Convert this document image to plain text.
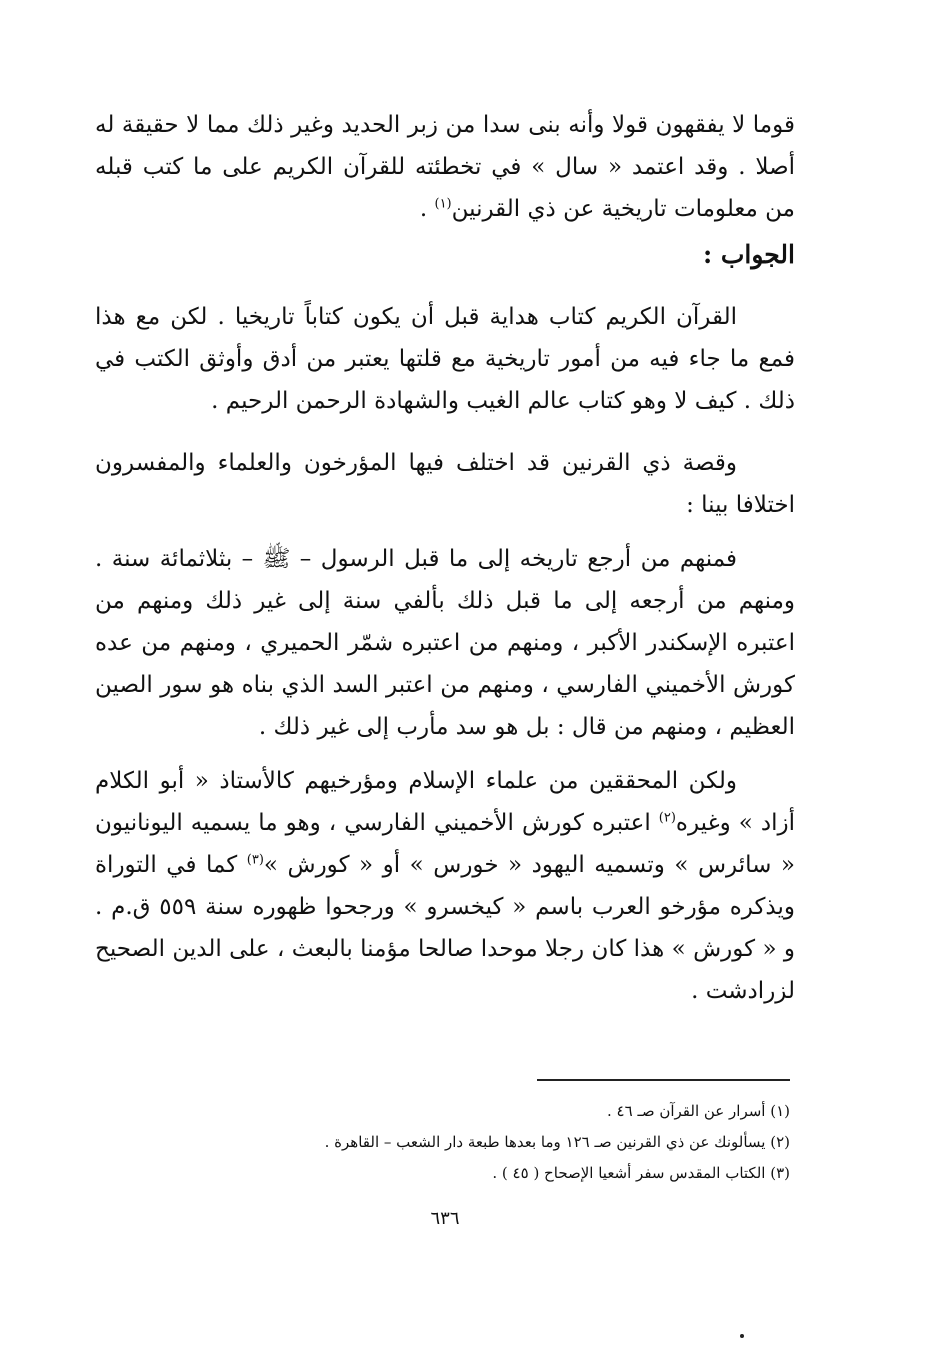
قوما لا يفقهون قولا وأنه بنى سدا من زبر الحديد وغير ذلك مما لا حقيقة له أصلا . وقد اعتمد « سال » في تخطئته للقرآن الكريم على ما كتب قبله من معلومات تاريخية عن ذي القرنين$^{(١)}$ .

الجواب :

القرآن الكريم كتاب هداية قبل أن يكون كتاباً تاريخيا . لكن مع هذا فمع ما جاء فيه من أمور تاريخية مع قلتها يعتبر من أدق وأوثق الكتب في ذلك . كيف لا وهو كتاب عالم الغيب والشهادة الرحمن الرحيم .

وقصة ذي القرنين قد اختلف فيها المؤرخون والعلماء والمفسرون اختلافا بينا :

فمنهم من أرجع تاريخه إلى ما قبل الرسول – ﷺ – بثلاثمائة سنة . ومنهم من أرجعه إلى ما قبل ذلك بألفي سنة إلى غير ذلك ومنهم من اعتبره الإسكندر الأكبر ، ومنهم من اعتبره شمّر الحميري ، ومنهم من عده كورش الأخميني الفارسي ، ومنهم من اعتبر السد الذي بناه هو سور الصين العظيم ، ومنهم من قال : بل هو سد مأرب إلى غير ذلك .

ولكن المحققين من علماء الإسلام ومؤرخيهم كالأستاذ « أبو الكلام أزاد » وغيره$^{(٢)}$ اعتبره كورش الأخميني الفارسي ، وهو ما يسميه اليونانيون « سائرس » وتسميه اليهود « خورس » أو « كورش »$^{(٣)}$ كما في التوراة ويذكره مؤرخو العرب باسم « كيخسرو » ورجحوا ظهوره سنة ٥٥٩ ق.م . و « كورش » هذا كان رجلا موحدا صالحا مؤمنا بالبعث ، على الدين الصحيح لزرادشت .

(١) أسرار عن القرآن صـ ٤٦ .

(٢) يسألونك عن ذي القرنين صـ ١٢٦ وما بعدها طبعة دار الشعب – القاهرة .

(٣) الكتاب المقدس سفر أشعيا الإصحاح ( ٤٥ ) .

٦٣٦
